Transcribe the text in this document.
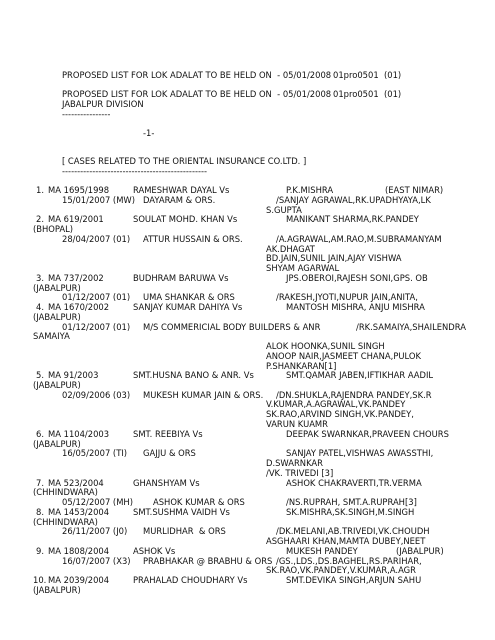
PROPOSED LIST FOR LOK ADALAT TO BE HELD ON  - 05/01/2008 01pro0501  (01)
PROPOSED LIST FOR LOK ADALAT TO BE HELD ON  - 05/01/2008 01pro0501  (01)
JABALPUR DIVISION
----------------
-1-
[ CASES RELATED TO THE ORIENTAL INSURANCE CO.LTD. ]
------------------------------------------------
1. MA 1695/1998	RAMESHWAR DAYAL Vs	P.K.MISHRA	(EAST NIMAR)
15/01/2007 (MW) DAYARAM & ORS.	/SANJAY AGRAWAL,RK.UPADHYAYA,LK
S.GUPTA
2. MA 619/2001	SOULAT MOHD. KHAN Vs	MANIKANT SHARMA,RK.PANDEY
(BHOPAL)
28/04/2007 (01) ATTUR HUSSAIN & ORS.	/A.AGRAWAL,AM.RAO,M.SUBRAMANYAM
AK.DHAGAT
BD.JAIN,SUNIL JAIN,AJAY VISHWA
SHYAM AGARWAL
3. MA 737/2002	BUDHRAM BARUWA Vs	JPS.OBEROI,RAJESH SONI,GPS. OB
(JABALPUR)
01/12/2007 (01) UMA SHANKAR & ORS	/RAKESH,JYOTI,NUPUR JAIN,ANITA,
4. MA 1670/2002	SANJAY KUMAR DAHIYA Vs	MANTOSH MISHRA, ANJU MISHRA
(JABALPUR)
01/12/2007 (01) M/S COMMERICIAL BODY BUILDERS & ANR	/RK.SAMAIYA,SHAILENDRA
SAMAIYA
ALOK HOONKA,SUNIL SINGH
ANOOP NAIR,JASMEET CHANA,PULOK
P.SHANKARAN[1]
5. MA 91/2003	SMT.HUSNA BANO & ANR. Vs	SMT.QAMAR JABEN,IFTIKHAR AADIL
(JABALPUR)
02/09/2006 (03) MUKESH KUMAR JAIN & ORS. /DN.SHUKLA,RAJENDRA PANDEY,SK.R
V.KUMAR,A.AGRAWAL,VK.PANDEY
SK.RAO,ARVIND SINGH,VK.PANDEY,
VARUN KUAMR
6. MA 1104/2003	SMT. REEBIYA Vs	DEEPAK SWARNKAR,PRAVEEN CHOURS
(JABALPUR)
16/05/2007 (TI) GAJJU & ORS	SANJAY PATEL,VISHWAS AWASSTHI,
D.SWARNKAR
/VK. TRIVEDI [3]
7. MA 523/2004	GHANSHYAM Vs	ASHOK CHAKRAVERTI,TR.VERMA
(CHHINDWARA)
05/12/2007 (MH) ASHOK KUMAR & ORS	/NS.RUPRAH, SMT.A.RUPRAH[3]
8. MA 1453/2004	SMT.SUSHMA VAIDH Vs	SK.MISHRA,SK.SINGH,M.SINGH
(CHHINDWARA)
26/11/2007 (J0) MURLIDHAR  & ORS	/DK.MELANI,AB.TRIVEDI,VK.CHOUDH
ASGHAARI KHAN,MAMTA DUBEY,NEET
9. MA 1808/2004	ASHOK Vs	MUKESH PANDEY	(JABALPUR)
16/07/2007 (X3) PRABHAKAR @ BRABHU & ORS /GS.,LDS.,DS.BAGHEL,RS.PARIHAR,
SK.RAO,VK.PANDEY,V.KUMAR,A.AGR
10. MA 2039/2004	PRAHALAD CHOUDHARY Vs	SMT.DEVIKA SINGH,ARJUN SAHU
(JABALPUR)
